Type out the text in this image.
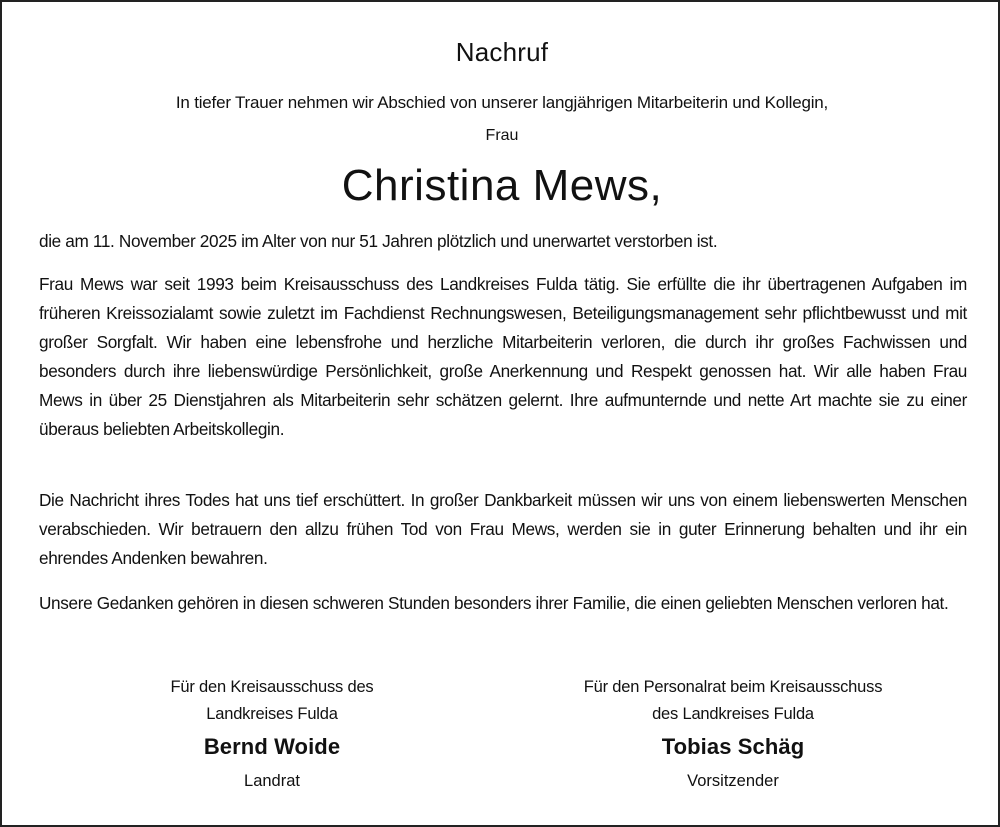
Nachruf
In tiefer Trauer nehmen wir Abschied von unserer langjährigen Mitarbeiterin und Kollegin,
Frau
Christina Mews,

die am 11. November 2025 im Alter von nur 51 Jahren plötzlich und unerwartet verstorben ist.

Frau Mews war seit 1993 beim Kreisausschuss des Landkreises Fulda tätig. Sie erfüllte die ihr übertragenen Aufgaben im früheren Kreissozialamt sowie zuletzt im Fachdienst Rechnungswesen, Beteiligungsmanagement sehr pflichtbewusst und mit großer Sorgfalt. Wir haben eine lebensfrohe und herzliche Mitarbeiterin verloren, die durch ihr großes Fachwissen und besonders durch ihre liebenswürdige Persönlichkeit, große Anerkennung und Respekt genossen hat. Wir alle haben Frau Mews in über 25 Dienstjahren als Mitarbeiterin sehr schätzen gelernt. Ihre aufmunternde und nette Art machte sie zu einer überaus beliebten Arbeitskollegin.

Die Nachricht ihres Todes hat uns tief erschüttert. In großer Dankbarkeit müssen wir uns von einem liebenswerten Menschen verabschieden. Wir betrauern den allzu frühen Tod von Frau Mews, werden sie in guter Erinnerung behalten und ihr ein ehrendes Andenken bewahren.

Unsere Gedanken gehören in diesen schweren Stunden besonders ihrer Familie, die einen geliebten Menschen verloren hat.

Für den Kreisausschuss des
Landkreises Fulda
Bernd Woide
Landrat
Für den Personalrat beim Kreisausschuss
des Landkreises Fulda
Tobias Schäg
Vorsitzender
